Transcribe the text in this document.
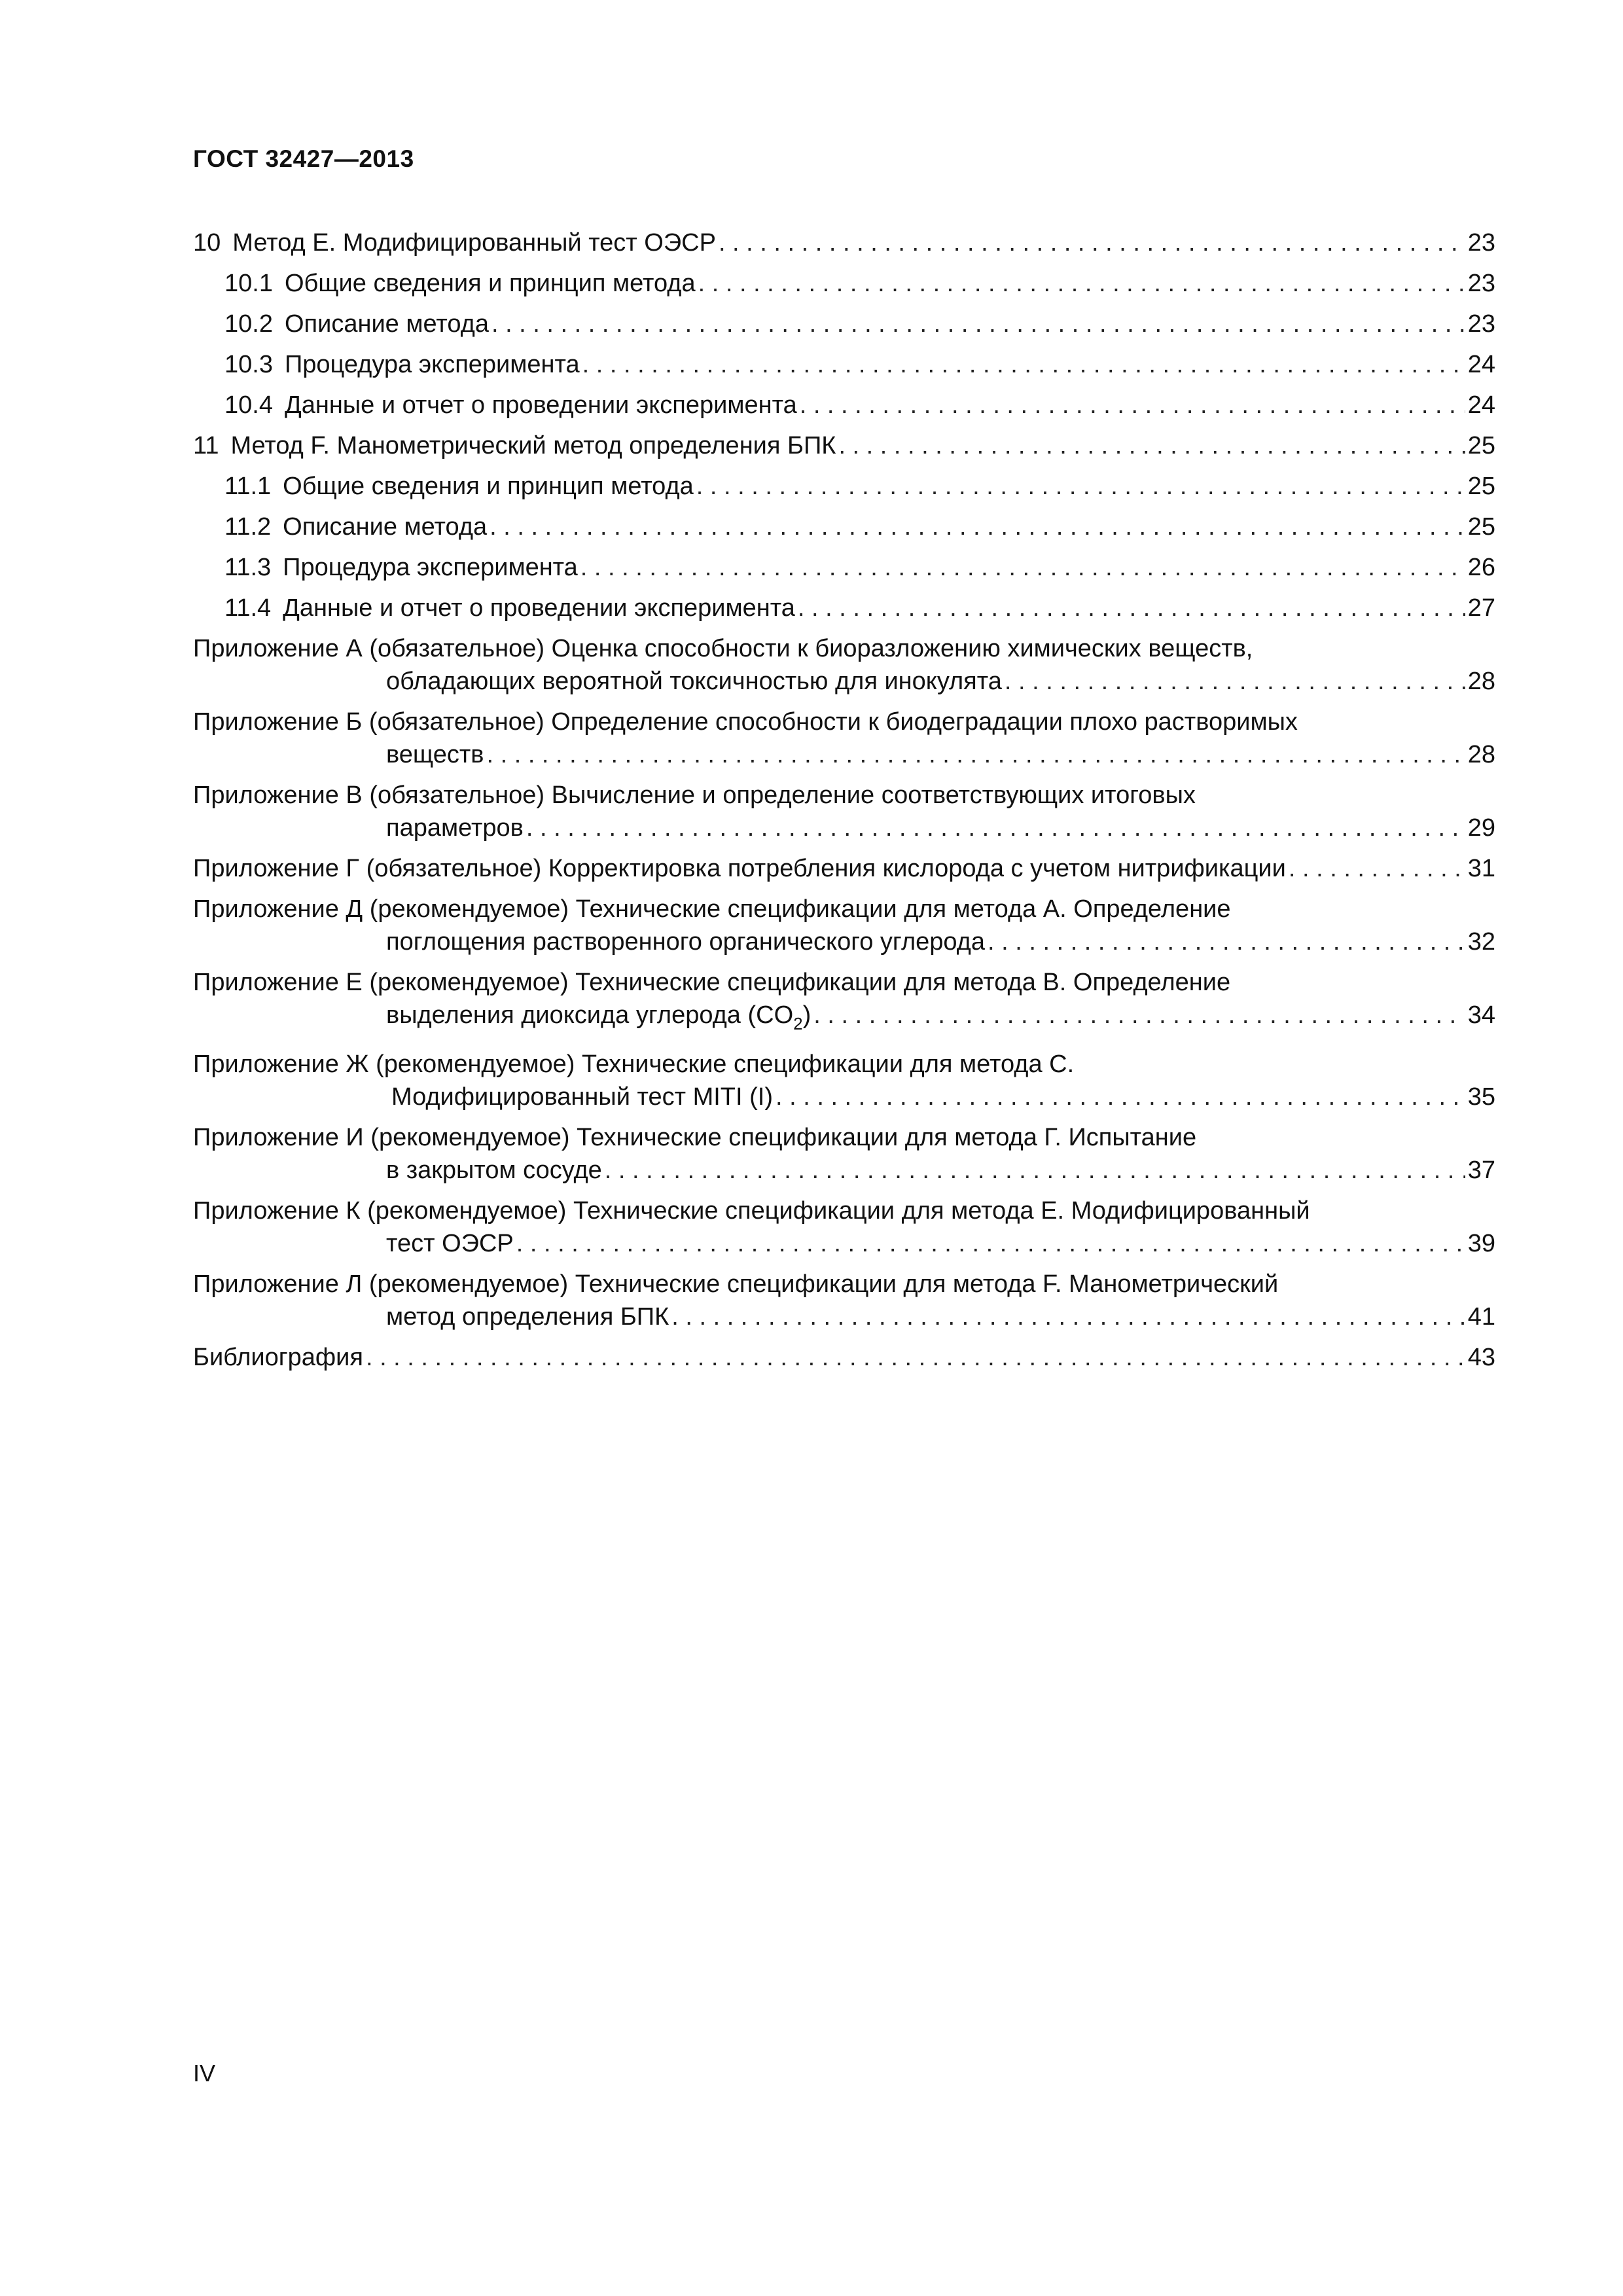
ГОСТ 32427—2013
10 Метод Е. Модифицированный тест ОЭСР . . .	23
10.1 Общие сведения и принцип метода . . .	23
10.2 Описание метода . . .	23
10.3 Процедура эксперимента . . .	24
10.4 Данные и отчет о проведении эксперимента . . .	24
11 Метод F. Манометрический метод определения БПК . . .	25
11.1 Общие сведения и принцип метода . . .	25
11.2 Описание метода . . .	25
11.3 Процедура эксперимента . . .	26
11.4 Данные и отчет о проведении эксперимента . . .	27
Приложение А (обязательное) Оценка способности к биоразложению химических веществ,
обладающих вероятной токсичностью для инокулята . . .	28
Приложение Б (обязательное) Определение способности к биодеградации плохо растворимых
веществ . . .	28
Приложение В (обязательное) Вычисление и определение соответствующих итоговых
параметров . . .	29
Приложение Г (обязательное) Корректировка потребления кислорода с учетом нитрификации . . .	31
Приложение Д (рекомендуемое) Технические спецификации для метода А. Определение
поглощения растворенного органического углерода . . .	32
Приложение Е (рекомендуемое) Технические спецификации для метода В. Определение
выделения диоксида углерода $(CO_2)$ . . .	34
Приложение Ж (рекомендуемое) Технические спецификации для метода С.
Модифицированный тест MITI (I) . . .	35
Приложение И (рекомендуемое) Технические спецификации для метода Г. Испытание
в закрытом сосуде . . .	37
Приложение К (рекомендуемое) Технические спецификации для метода Е. Модифицированный
тест ОЭСР . . .	39
Приложение Л (рекомендуемое) Технические спецификации для метода F. Манометрический
метод определения БПК . . .	41
Библиография . . .	43
IV
